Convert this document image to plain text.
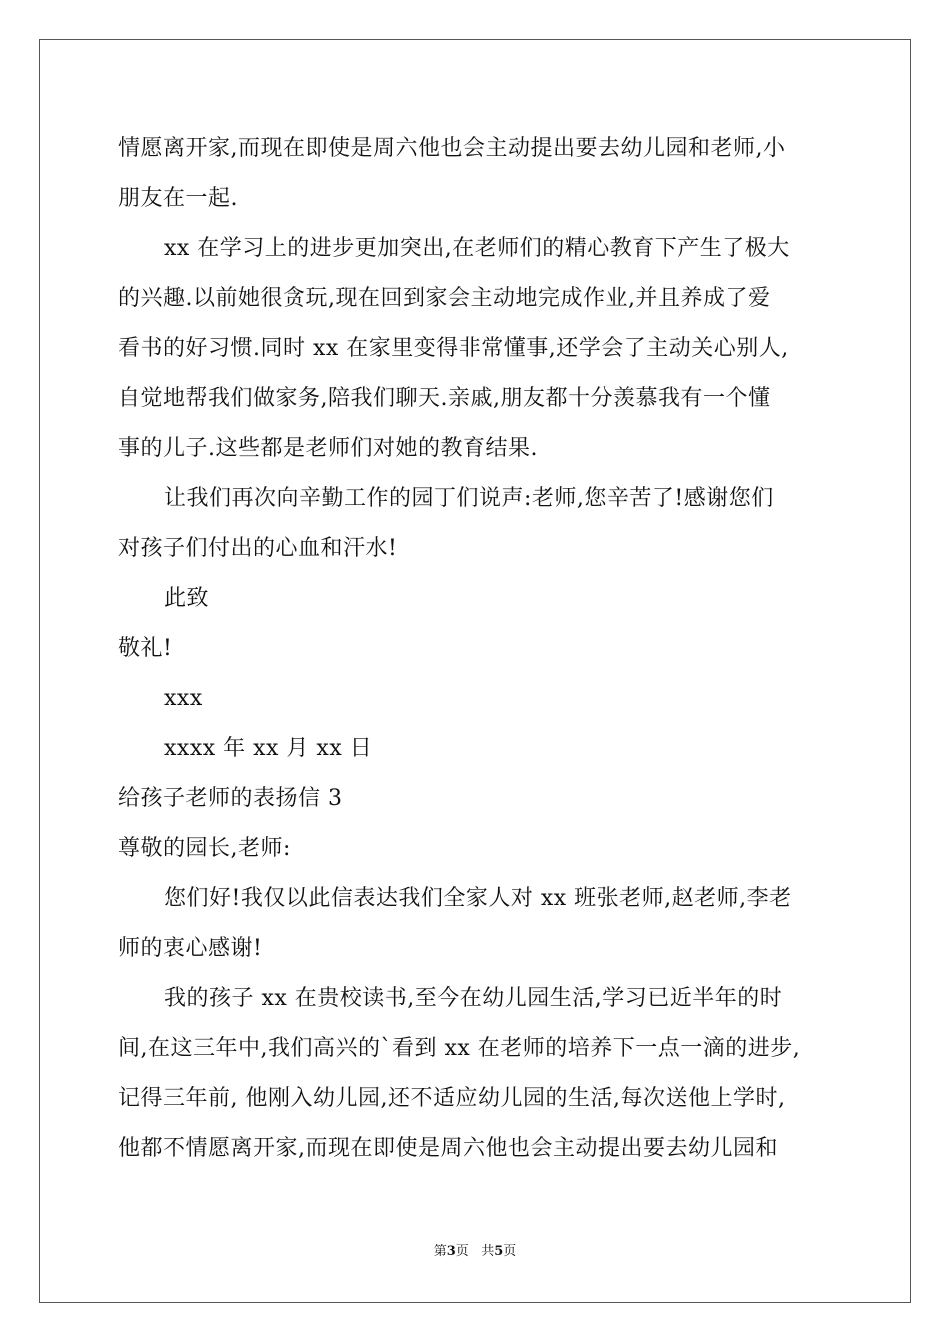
情愿离开家,而现在即使是周六他也会主动提出要去幼儿园和老师,小
朋友在一起.
xx 在学习上的进步更加突出,在老师们的精心教育下产生了极大
的兴趣.以前她很贪玩,现在回到家会主动地完成作业,并且养成了爱
看书的好习惯.同时 xx 在家里变得非常懂事,还学会了主动关心别人,
自觉地帮我们做家务,陪我们聊天.亲戚,朋友都十分羡慕我有一个懂
事的儿子.这些都是老师们对她的教育结果.
让我们再次向辛勤工作的园丁们说声:老师,您辛苦了!感谢您们
对孩子们付出的心血和汗水!
此致
敬礼!
xxx
xxxx 年 xx 月 xx 日
给孩子老师的表扬信 3
尊敬的园长,老师:
您们好!我仅以此信表达我们全家人对 xx 班张老师,赵老师,李老
师的衷心感谢!
我的孩子 xx 在贵校读书,至今在幼儿园生活,学习已近半年的时
间,在这三年中,我们高兴的`看到 xx 在老师的培养下一点一滴的进步,
记得三年前, 他刚入幼儿园,还不适应幼儿园的生活,每次送他上学时,
他都不情愿离开家,而现在即使是周六他也会主动提出要去幼儿园和
第3页   共5页
